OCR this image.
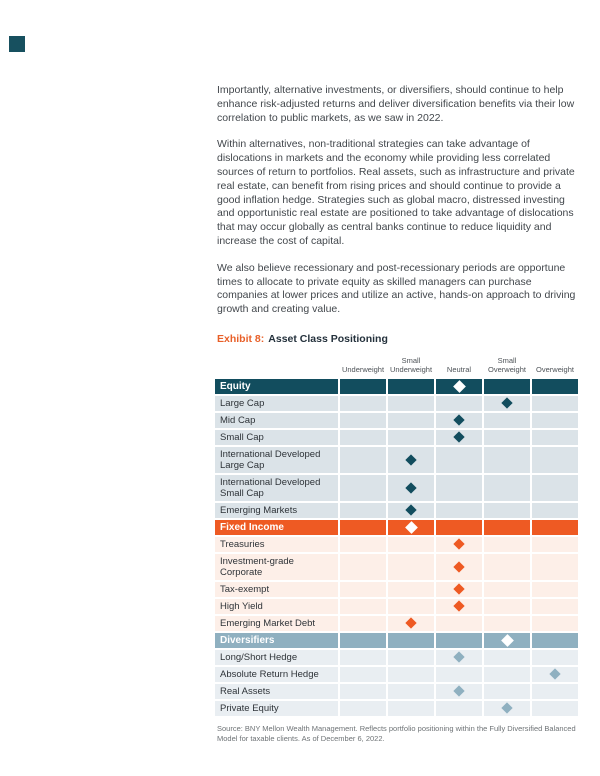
Importantly, alternative investments, or diversifiers, should continue to help enhance risk-adjusted returns and deliver diversification benefits via their low correlation to public markets, as we saw in 2022.

Within alternatives, non-traditional strategies can take advantage of dislocations in markets and the economy while providing less correlated sources of return to portfolios. Real assets, such as infrastructure and private real estate, can benefit from rising prices and should continue to provide a good inflation hedge. Strategies such as global macro, distressed investing and opportunistic real estate are positioned to take advantage of dislocations that may occur globally as central banks continue to reduce liquidity and increase the cost of capital.

We also believe recessionary and post-recessionary periods are opportune times to allocate to private equity as skilled managers can purchase companies at lower prices and utilize an active, hands-on approach to driving growth and creating value.

Exhibit 8: Asset Class Positioning

Underweight
Small Underweight	Neutral
Small Overweight	Overweight
Equity
Large Cap
Mid Cap
Small Cap
International Developed Large Cap
International Developed Small Cap
Emerging Markets
Fixed Income
Treasuries
Investment-grade Corporate
Tax-exempt
High Yield
Emerging Market Debt
Diversifiers
Long/Short Hedge
Absolute Return Hedge
Real Assets
Private Equity

Source: BNY Mellon Wealth Management. Reflects portfolio positioning within the Fully Diversified Balanced Model for taxable clients. As of December 6, 2022.
